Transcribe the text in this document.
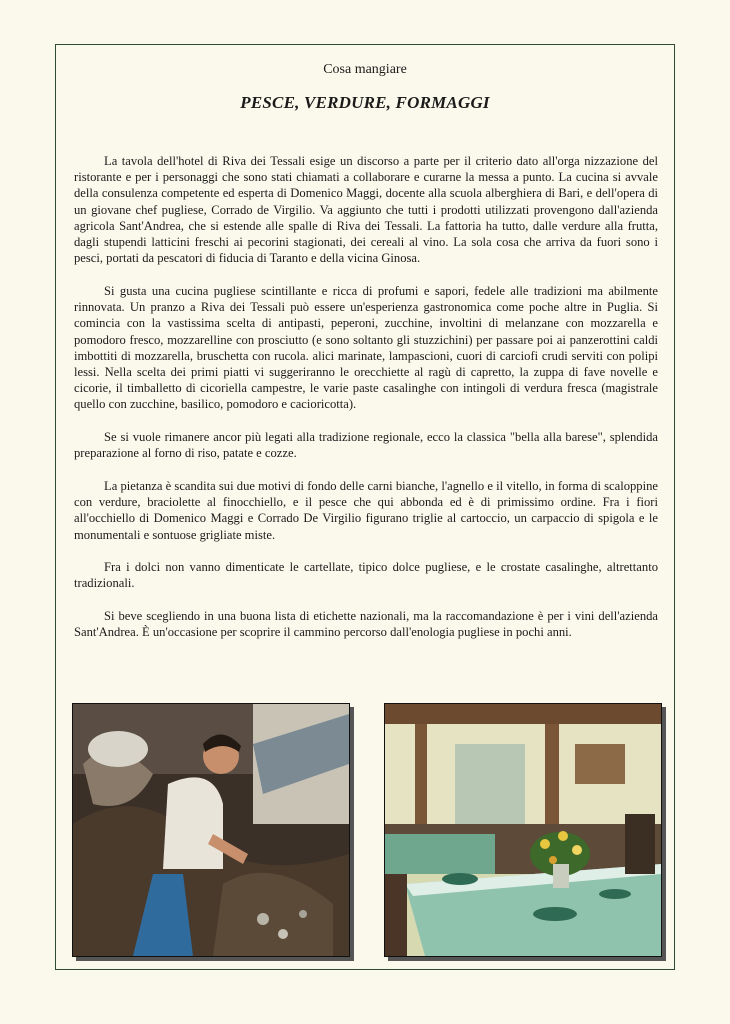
Cosa mangiare
PESCE, VERDURE, FORMAGGI

La tavola dell'hotel di Riva dei Tessali esige un discorso a parte per il criterio dato all'orga nizzazione del ristorante e per i personaggi che sono stati chiamati a collaborare e curarne la messa a punto. La cucina si avvale della consulenza competente ed esperta di Domenico Maggi, docente alla scuola alberghiera di Bari, e dell'opera di un giovane chef pugliese, Corrado de Virgilio. Va aggiunto che tutti i prodotti utilizzati provengono dall'azienda agricola Sant'Andrea, che si estende alle spalle di Riva dei Tessali. La fattoria ha tutto, dalle verdure alla frutta, dagli stupendi latticini freschi ai pecorini stagionati, dei cereali al vino. La sola cosa che arriva da fuori sono i pesci, portati da pescatori di fiducia di Taranto e della vicina Ginosa.

Si gusta una cucina pugliese scintillante e ricca di profumi e sapori, fedele alle tradizioni ma abilmente rinnovata. Un pranzo a Riva dei Tessali può essere un'esperienza gastronomica come poche altre in Puglia. Si comincia con la vastissima scelta di antipasti, peperoni, zucchine, involtini di melanzane con mozzarella e pomodoro fresco, mozzarelline con prosciutto (e sono soltanto gli stuzzichini) per passare poi ai panzerottini caldi imbottiti di mozzarella, bruschetta con rucola. alici marinate, lampascioni, cuori di carciofi crudi serviti con polipi lessi. Nella scelta dei primi piatti vi suggeriranno le orecchiette al ragù di capretto, la zuppa di fave novelle e cicorie, il timballetto di cicoriella campestre, le varie paste casalinghe con intingoli di verdura fresca (magistrale quello con zucchine, basilico, pomodoro e cacioricotta).

Se si vuole rimanere ancor più legati alla tradizione regionale, ecco la classica "bella alla barese", splendida preparazione al forno di riso, patate e cozze.

La pietanza è scandita sui due motivi di fondo delle carni bianche, l'agnello e il vitello, in forma di scaloppine con verdure, braciolette al finocchiello, e il pesce che qui abbonda ed è di primissimo ordine. Fra i fiori all'occhiello di Domenico Maggi e Corrado De Virgilio figurano triglie al cartoccio, un carpaccio di spigola e le monumentali e sontuose grigliate miste.

Fra i dolci non vanno dimenticate le cartellate, tipico dolce pugliese, e le crostate casalinghe, altrettanto tradizionali.

Si beve scegliendo in una buona lista di etichette nazionali, ma la raccomandazione è per i vini dell'azienda Sant'Andrea. È un'occasione per scoprire il cammino percorso dall'enologia pugliese in pochi anni.
